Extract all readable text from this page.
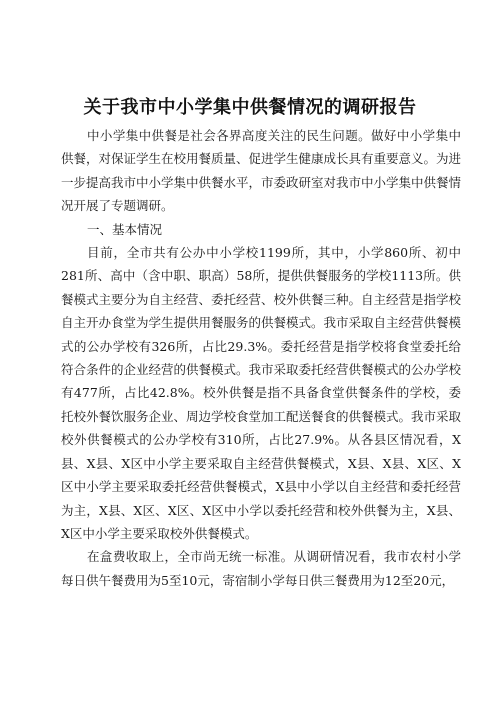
关于我市中小学集中供餐情况的调研报告

中小学集中供餐是社会各界高度关注的民生问题。做好中小学集中供餐，对保证学生在校用餐质量、促进学生健康成长具有重要意义。为进一步提高我市中小学集中供餐水平，市委政研室对我市中小学集中供餐情况开展了专题调研。

一、基本情况

目前，全市共有公办中小学校1199所，其中，小学860所、初中281所、高中（含中职、职高）58所，提供供餐服务的学校1113所。供餐模式主要分为自主经营、委托经营、校外供餐三种。自主经营是指学校自主开办食堂为学生提供用餐服务的供餐模式。我市采取自主经营供餐模式的公办学校有326所，占比29.3%。委托经营是指学校将食堂委托给符合条件的企业经营的供餐模式。我市采取委托经营供餐模式的公办学校有477所，占比42.8%。校外供餐是指不具备食堂供餐条件的学校，委托校外餐饮服务企业、周边学校食堂加工配送餐食的供餐模式。我市采取校外供餐模式的公办学校有310所，占比27.9%。从各县区情况看，X县、X县、X区中小学主要采取自主经营供餐模式，X县、X县、X区、X区中小学主要采取委托经营供餐模式，X县中小学以自主经营和委托经营为主，X县、X区、X区、X区中小学以委托经营和校外供餐为主，X县、X区中小学主要采取校外供餐模式。

在盒费收取上，全市尚无统一标准。从调研情况看，我市农村小学每日供午餐费用为5至10元，寄宿制小学每日供三餐费用为12至20元，
